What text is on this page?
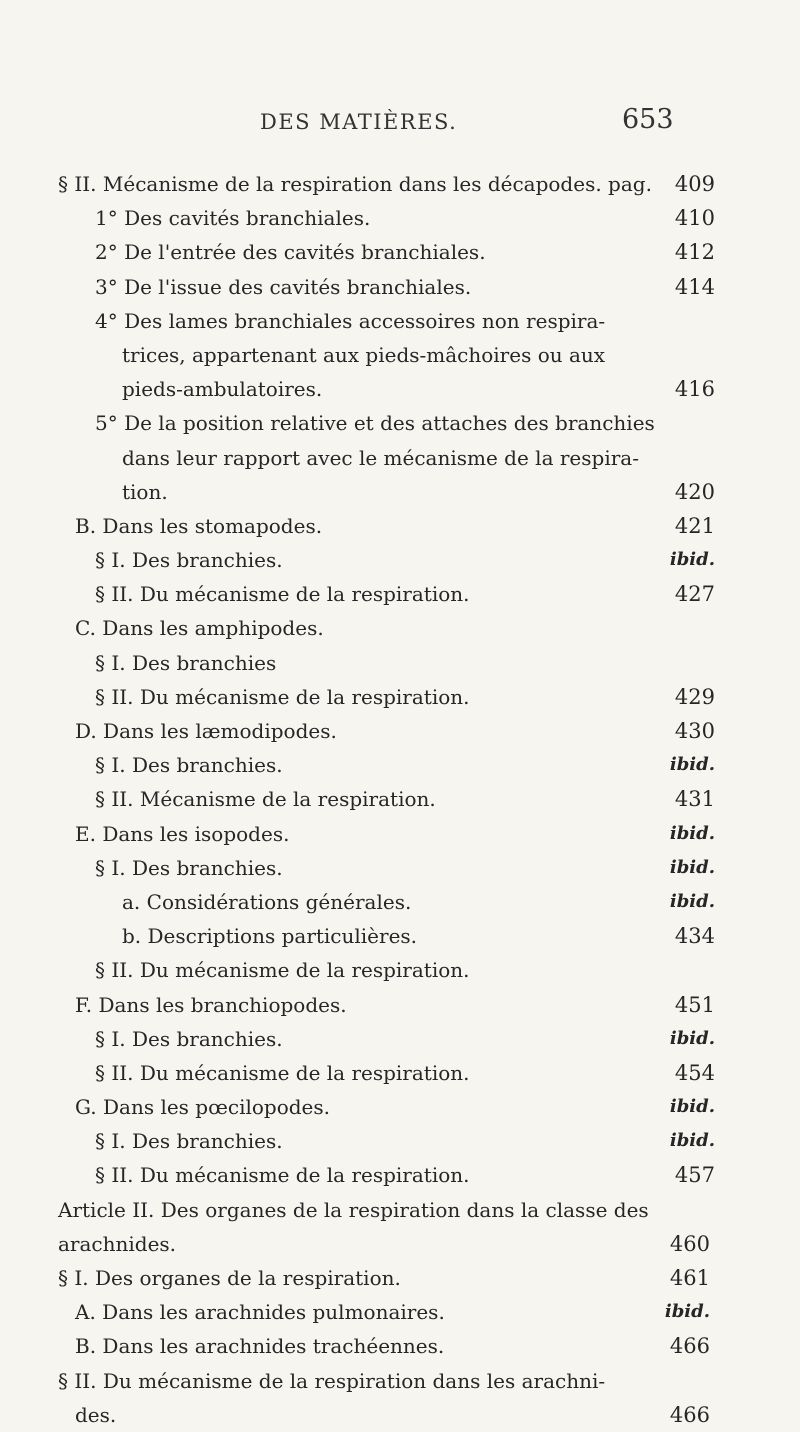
DES MATIÈRES.	653
§ II. Mécanisme de la respiration dans les décapodes. pag. 409
1° Des cavités branchiales.	410
2° De l'entrée des cavités branchiales.	412
3° De l'issue des cavités branchiales.	414
4° Des lames branchiales accessoires non respira-
trices, appartenant aux pieds-mâchoires ou aux
pieds-ambulatoires.	416
5° De la position relative et des attaches des branchies
dans leur rapport avec le mécanisme de la respira-
tion.	420
B. Dans les stomapodes.	421
§ I. Des branchies.	ibid.
§ II. Du mécanisme de la respiration.	427
C. Dans les amphipodes.
§ I. Des branchies
§ II. Du mécanisme de la respiration.	429
D. Dans les læmodipodes.	430
§ I. Des branchies.	ibid.
§ II. Mécanisme de la respiration.	431
E. Dans les isopodes.	ibid.
§ I. Des branchies.	ibid.
a. Considérations générales.	ibid.
b. Descriptions particulières.	434
§ II. Du mécanisme de la respiration.
F. Dans les branchiopodes.	451
§ I. Des branchies.	ibid.
§ II. Du mécanisme de la respiration.	454
G. Dans les pœcilopodes.	ibid.
§ I. Des branchies.	ibid.
§ II. Du mécanisme de la respiration.	457
Article II. Des organes de la respiration dans la classe des
arachnides.	460
§ I. Des organes de la respiration.	461
A. Dans les arachnides pulmonaires.	ibid.
B. Dans les arachnides trachéennes.	466
§ II. Du mécanisme de la respiration dans les arachni-
des.	466
